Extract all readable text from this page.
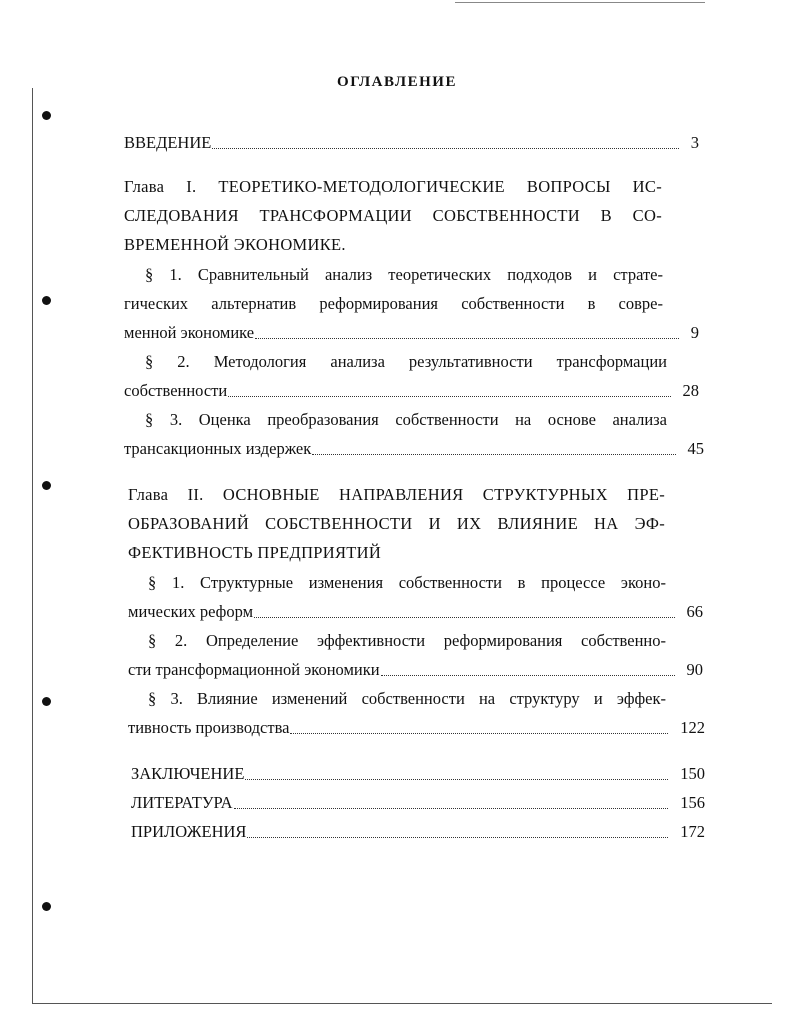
ОГЛАВЛЕНИЕ
ВВЕДЕНИЕ	3
Глава I. ТЕОРЕТИКО-МЕТОДОЛОГИЧЕСКИЕ ВОПРОСЫ ИС-
СЛЕДОВАНИЯ ТРАНСФОРМАЦИИ СОБСТВЕННОСТИ В СО-
ВРЕМЕННОЙ ЭКОНОМИКЕ.
§ 1. Сравнительный анализ теоретических подходов и страте-
гических альтернатив реформирования собственности в совре-
менной экономике	9
§ 2. Методология анализа результативности трансформации
собственности	28
§ 3. Оценка преобразования собственности на основе анализа
трансакционных издержек	45
Глава II. ОСНОВНЫЕ НАПРАВЛЕНИЯ СТРУКТУРНЫХ ПРЕ-
ОБРАЗОВАНИЙ СОБСТВЕННОСТИ И ИХ ВЛИЯНИЕ НА ЭФ-
ФЕКТИВНОСТЬ ПРЕДПРИЯТИЙ
§ 1. Структурные изменения собственности в процессе эконо-
мических реформ	66
§ 2. Определение эффективности реформирования собственно-
сти трансформационной экономики	90
§ 3. Влияние изменений собственности на структуру и эффек-
тивность производства	122
ЗАКЛЮЧЕНИЕ	150
ЛИТЕРАТУРА	156
ПРИЛОЖЕНИЯ	172
